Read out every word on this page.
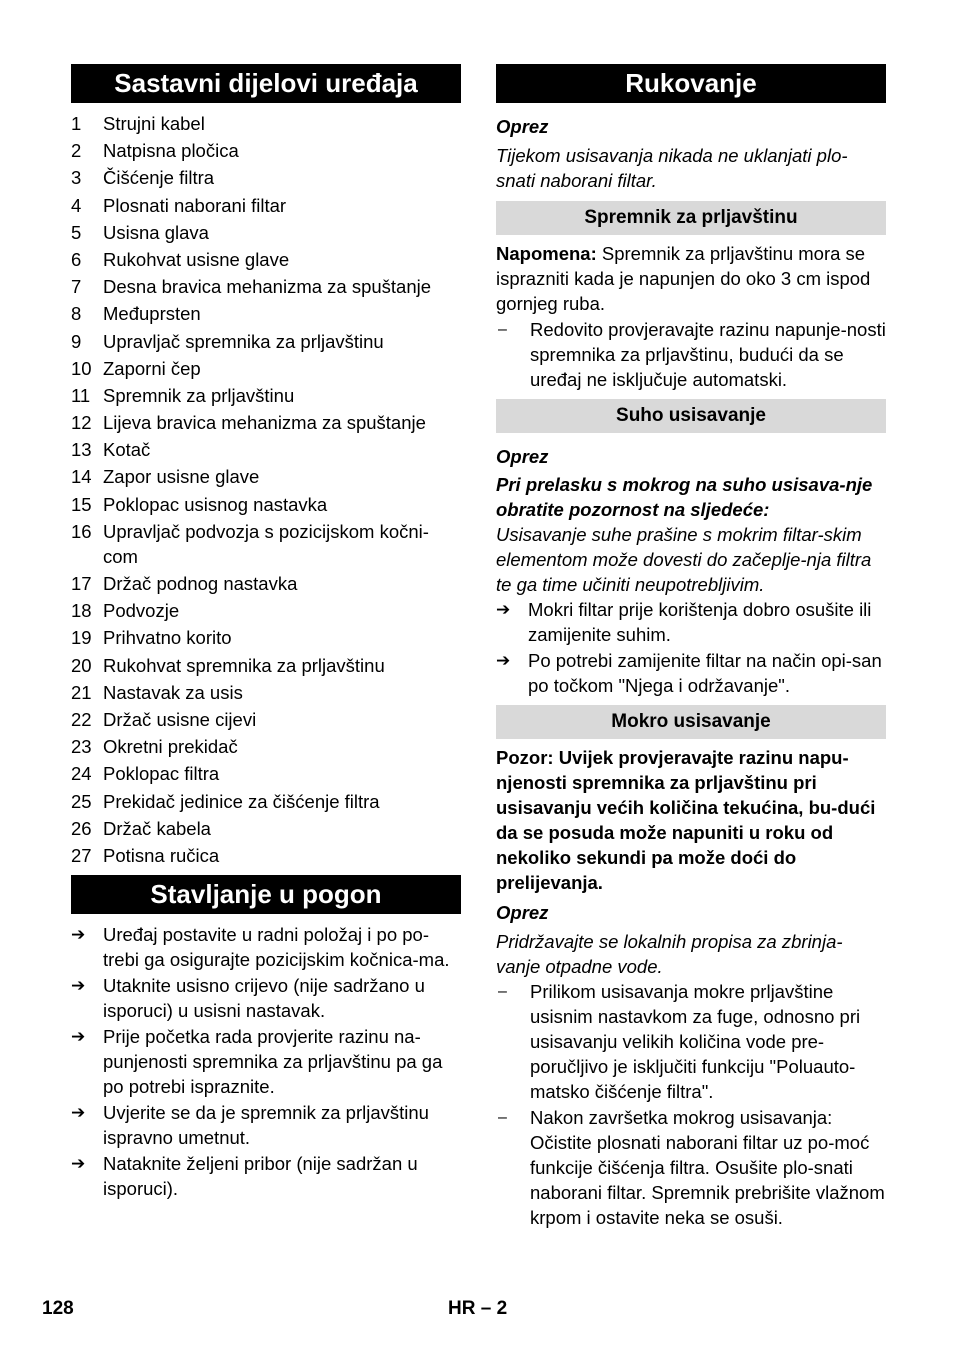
Sastavni dijelovi uređaja
1	Strujni kabel
2	Natpisna pločica
3	Čišćenje filtra
4	Plosnati naborani filtar
5	Usisna glava
6	Rukohvat usisne glave
7	Desna bravica mehanizma za spuštanje
8	Međuprsten
9	Upravljač spremnika za prljavštinu
10 Zaporni čep
11 Spremnik za prljavštinu
12 Lijeva bravica mehanizma za spuštanje
13 Kotač
14 Zapor usisne glave
15 Poklopac usisnog nastavka
16 Upravljač podvozja s pozicijskom kočni-com
17 Držač podnog nastavka
18 Podvozje
19 Prihvatno korito
20 Rukohvat spremnika za prljavštinu
21 Nastavak za usis
22 Držač usisne cijevi
23 Okretni prekidač
24 Poklopac filtra
25 Prekidač jedinice za čišćenje filtra
26 Držač kabela
27 Potisna ručica
Stavljanje u pogon
➔ Uređaj postavite u radni položaj i po po-trebi ga osigurajte pozicijskim kočnica-ma.
➔ Utaknite usisno crijevo (nije sadržano u isporuci) u usisni nastavak.
➔ Prije početka rada provjerite razinu na-punjenosti spremnika za prljavštinu pa ga po potrebi ispraznite.
➔ Uvjerite se da je spremnik za prljavštinu ispravno umetnut.
➔ Nataknite željeni pribor (nije sadržan u isporuci).
Rukovanje
Oprez
Tijekom usisavanja nikada ne uklanjati plo-snati naborani filtar.
Spremnik za prljavštinu
Napomena: Spremnik za prljavštinu mora se isprazniti kada je napunjen do oko 3 cm ispod gornjeg ruba.
–	Redovito provjeravajte razinu napunje-nosti spremnika za prljavštinu, budući da se uređaj ne isključuje automatski.
Suho usisavanje
Oprez
Pri prelasku s mokrog na suho usisava-nje obratite pozornost na sljedeće:
Usisavanje suhe prašine s mokrim filtar-skim elementom može dovesti do začeplje-nja filtra te ga time učiniti neupotrebljivim.
➔ Mokri filtar prije korištenja dobro osušite ili zamijenite suhim.
➔ Po potrebi zamijenite filtar na način opi-san po točkom "Njega i održavanje".
Mokro usisavanje
Pozor: Uvijek provjeravajte razinu napu-njenosti spremnika za prljavštinu pri usisavanju većih količina tekućina, bu-dući da se posuda može napuniti u roku od nekoliko sekundi pa može doći do prelijevanja.
Oprez
Pridržavajte se lokalnih propisa za zbrinja-vanje otpadne vode.
–	Prilikom usisavanja mokre prljavštine usisnim nastavkom za fuge, odnosno pri usisavanju velikih količina vode pre-poručljivo je isključiti funkciju "Poluauto-matsko čišćenje filtra".
–	Nakon završetka mokrog usisavanja: Očistite plosnati naborani filtar uz po-moć funkcije čišćenja filtra. Osušite plo-snati naborani filtar. Spremnik prebrišite vlažnom krpom i ostavite neka se osuši.
128	HR – 2
